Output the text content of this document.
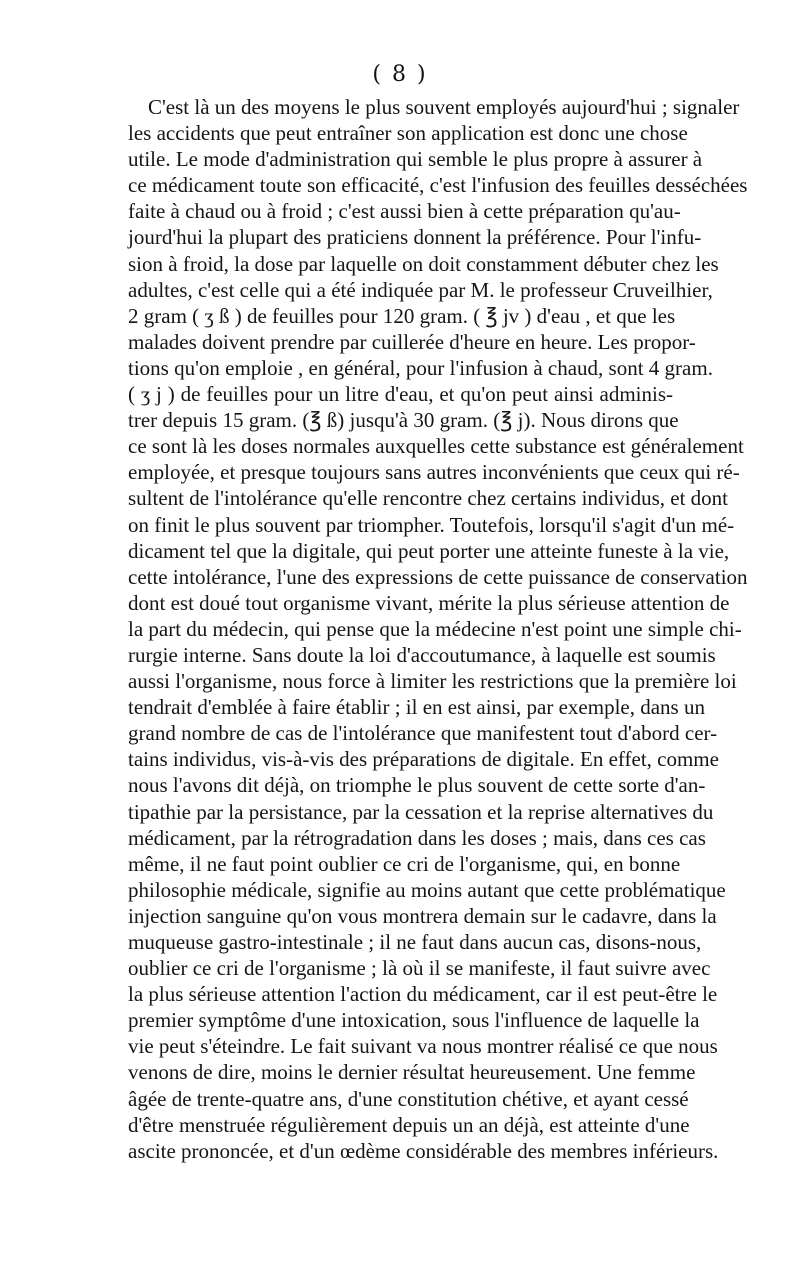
( 8 )
C'est là un des moyens le plus souvent employés aujourd'hui ; signaler
les accidents que peut entraîner son application est donc une chose
utile. Le mode d'administration qui semble le plus propre à assurer à
ce médicament toute son efficacité, c'est l'infusion des feuilles desséchées
faite à chaud ou à froid ; c'est aussi bien à cette préparation qu'au-
jourd'hui la plupart des praticiens donnent la préférence. Pour l'infu-
sion à froid, la dose par laquelle on doit constamment débuter chez les
adultes, c'est celle qui a été indiquée par M. le professeur Cruveilhier,
2 gram ( ʒ ß ) de feuilles pour 120 gram. ( ℥ jv ) d'eau , et que les
malades doivent prendre par cuillerée d'heure en heure. Les propor-
tions qu'on emploie , en général, pour l'infusion à chaud, sont 4 gram.
( ʒ j ) de feuilles pour un litre d'eau, et qu'on peut ainsi adminis-
trer depuis 15 gram. (℥ ß) jusqu'à 30 gram. (℥ j). Nous dirons que
ce sont là les doses normales auxquelles cette substance est généralement
employée, et presque toujours sans autres inconvénients que ceux qui ré-
sultent de l'intolérance qu'elle rencontre chez certains individus, et dont
on finit le plus souvent par triompher. Toutefois, lorsqu'il s'agit d'un mé-
dicament tel que la digitale, qui peut porter une atteinte funeste à la vie,
cette intolérance, l'une des expressions de cette puissance de conservation
dont est doué tout organisme vivant, mérite la plus sérieuse attention de
la part du médecin, qui pense que la médecine n'est point une simple chi-
rurgie interne. Sans doute la loi d'accoutumance, à laquelle est soumis
aussi l'organisme, nous force à limiter les restrictions que la première loi
tendrait d'emblée à faire établir ; il en est ainsi, par exemple, dans un
grand nombre de cas de l'intolérance que manifestent tout d'abord cer-
tains individus, vis-à-vis des préparations de digitale. En effet, comme
nous l'avons dit déjà, on triomphe le plus souvent de cette sorte d'an-
tipathie par la persistance, par la cessation et la reprise alternatives du
médicament, par la rétrogradation dans les doses ; mais, dans ces cas
même, il ne faut point oublier ce cri de l'organisme, qui, en bonne
philosophie médicale, signifie au moins autant que cette problématique
injection sanguine qu'on vous montrera demain sur le cadavre, dans la
muqueuse gastro-intestinale ; il ne faut dans aucun cas, disons-nous,
oublier ce cri de l'organisme ; là où il se manifeste, il faut suivre avec
la plus sérieuse attention l'action du médicament, car il est peut-être le
premier symptôme d'une intoxication, sous l'influence de laquelle la
vie peut s'éteindre. Le fait suivant va nous montrer réalisé ce que nous
venons de dire, moins le dernier résultat heureusement. Une femme
âgée de trente-quatre ans, d'une constitution chétive, et ayant cessé
d'être menstruée régulièrement depuis un an déjà, est atteinte d'une
ascite prononcée, et d'un œdème considérable des membres inférieurs.
